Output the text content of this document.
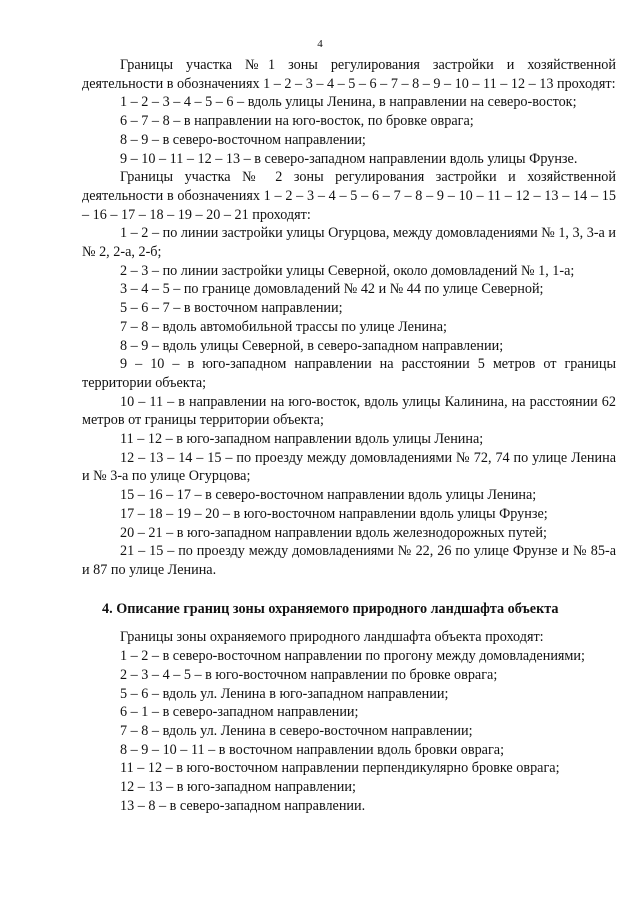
4

Границы участка №1 зоны регулирования застройки и хозяйственной деятельности в обозначениях 1 – 2 – 3 – 4 – 5 – 6 – 7 – 8 – 9 – 10 – 11 – 12 – 13 проходят:

1 – 2 – 3 – 4 – 5 – 6 – вдоль улицы Ленина, в направлении на северо-восток;

6 – 7 – 8 – в направлении на юго-восток, по бровке оврага;

8 – 9 – в северо-восточном направлении;

9 – 10 – 11 – 12 – 13 – в северо-западном направлении вдоль улицы Фрунзе.

Границы участка № 2 зоны регулирования застройки и хозяйственной деятельности в обозначениях 1 – 2 – 3 – 4 – 5 – 6 – 7 – 8 – 9 – 10 – 11 – 12 – 13 – 14 – 15 – 16 – 17 – 18 – 19 – 20 – 21 проходят:

1 – 2 – по линии застройки улицы Огурцова, между домовладениями № 1, 3, 3-а и № 2, 2-а, 2-б;

2 – 3 – по линии застройки улицы Северной, около домовладений № 1, 1-а;

3 – 4 – 5 – по границе домовладений № 42 и № 44 по улице Северной;

5 – 6 – 7 – в восточном направлении;

7 – 8 – вдоль автомобильной трассы по улице Ленина;

8 – 9 – вдоль улицы Северной, в северо-западном направлении;

9 – 10 – в юго-западном направлении на расстоянии 5 метров от границы территории объекта;

10 – 11 – в направлении на юго-восток, вдоль улицы Калинина, на расстоянии 62 метров от границы территории объекта;

11 – 12 – в юго-западном направлении вдоль улицы Ленина;

12 – 13 – 14 – 15 – по проезду между домовладениями № 72, 74 по улице Ленина и № 3-а по улице Огурцова;

15 – 16 – 17 – в северо-восточном направлении вдоль улицы Ленина;

17 – 18 – 19 – 20 – в юго-восточном направлении вдоль улицы Фрунзе;

20 – 21 – в юго-западном направлении вдоль железнодорожных путей;

21 – 15 – по проезду между домовладениями № 22, 26 по улице Фрунзе и № 85-а и 87 по улице Ленина.

4. Описание границ зоны охраняемого природного ландшафта объекта

Границы зоны охраняемого природного ландшафта объекта проходят:

1 – 2 – в северо-восточном направлении по прогону между домовладениями;

2 – 3 – 4 – 5 – в юго-восточном направлении по бровке оврага;

5 – 6 – вдоль ул. Ленина в юго-западном направлении;

6 – 1 – в северо-западном направлении;

7 – 8 – вдоль ул. Ленина в северо-восточном направлении;

8 – 9 – 10 – 11 – в восточном направлении вдоль бровки оврага;

11 – 12 – в юго-восточном направлении перпендикулярно бровке оврага;

12 – 13 – в юго-западном направлении;

13 – 8 – в северо-западном направлении.
